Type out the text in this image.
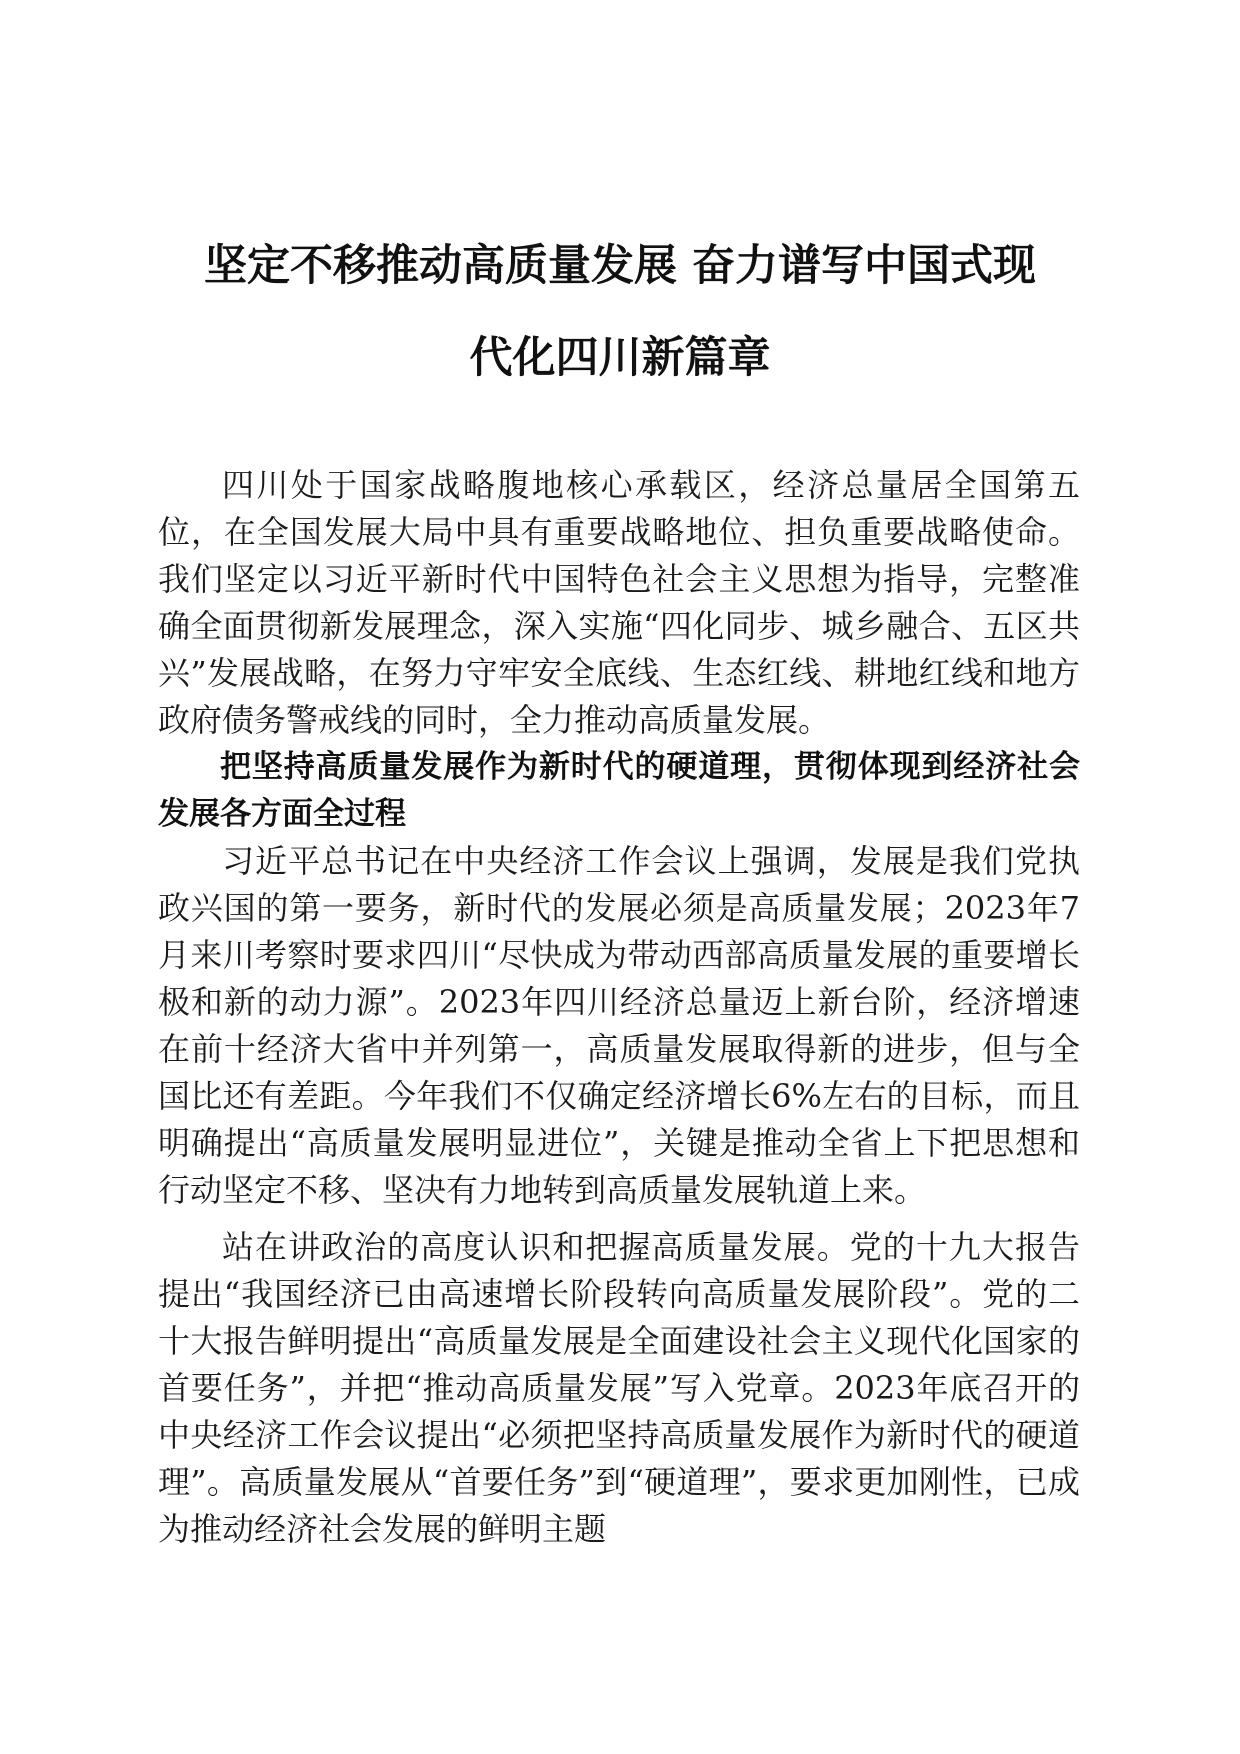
坚定不移推动高质量发展 奋力谱写中国式现
代化四川新篇章

四川处于国家战略腹地核心承载区，经济总量居全国第五位，在全国发展大局中具有重要战略地位、担负重要战略使命。我们坚定以习近平新时代中国特色社会主义思想为指导，完整准确全面贯彻新发展理念，深入实施“四化同步、城乡融合、五区共兴”发展战略，在努力守牢安全底线、生态红线、耕地红线和地方政府债务警戒线的同时，全力推动高质量发展。

把坚持高质量发展作为新时代的硬道理，贯彻体现到经济社会发展各方面全过程

习近平总书记在中央经济工作会议上强调，发展是我们党执政兴国的第一要务，新时代的发展必须是高质量发展；2023年7月来川考察时要求四川“尽快成为带动西部高质量发展的重要增长极和新的动力源”。2023年四川经济总量迈上新台阶，经济增速在前十经济大省中并列第一，高质量发展取得新的进步，但与全国比还有差距。今年我们不仅确定经济增长6%左右的目标，而且明确提出“高质量发展明显进位”，关键是推动全省上下把思想和行动坚定不移、坚决有力地转到高质量发展轨道上来。

站在讲政治的高度认识和把握高质量发展。党的十九大报告提出“我国经济已由高速增长阶段转向高质量发展阶段”。党的二十大报告鲜明提出“高质量发展是全面建设社会主义现代化国家的首要任务”，并把“推动高质量发展”写入党章。2023年底召开的中央经济工作会议提出“必须把坚持高质量发展作为新时代的硬道理”。高质量发展从“首要任务”到“硬道理”，要求更加刚性，已成为推动经济社会发展的鲜明主题
